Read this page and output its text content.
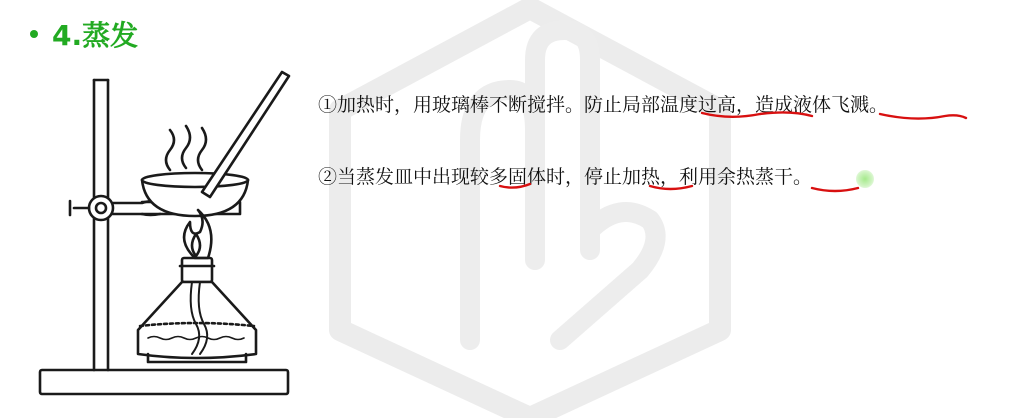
4.蒸发
①加热时，用玻璃棒不断搅拌。防止局部温度过高，造成液体飞溅。
②当蒸发皿中出现较多固体时，停止加热，利用余热蒸干。
